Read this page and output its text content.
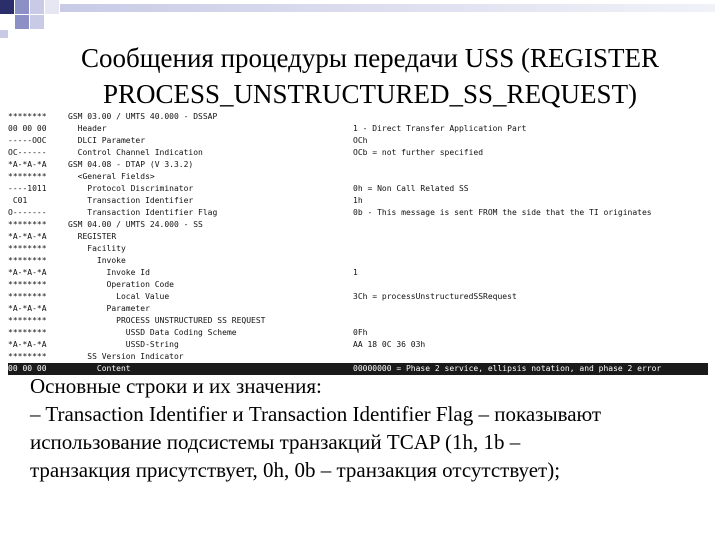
Сообщения процедуры передачи USS (REGISTER
PROCESS_UNSTRUCTURED_SS_REQUEST)
********	GSM 03.00 / UMTS 40.000 - DSSAP
00 00 00	Header	1 - Direct Transfer Application Part
-----OOC	DLCI Parameter	OCh
OC------	Control Channel Indication	OCb = not further specified
*A-*A-*A	GSM 04.08 - DTAP (V 3.3.2)
********	<General Fields>
----1011	Protocol Discriminator	0h = Non Call Related SS
C01	Transaction Identifier	1h
O-------	Transaction Identifier Flag	0b - This message is sent FROM the side that the TI originates
********	GSM 04.00 / UMTS 24.000 - SS
*A-*A-*A	REGISTER
********	Facility
********	Invoke
*A-*A-*A	Invoke Id	1
********	Operation Code
********	Local Value	3Ch = processUnstructuredSSRequest
*A-*A-*A	Parameter
********	PROCESS UNSTRUCTURED SS REQUEST
********	USSD Data Coding Scheme	0Fh
*A-*A-*A	USSD-String	AA 18 0C 36 03h
********	SS Version Indicator
00 00 00	Content	00000000 = Phase 2 service, ellipsis notation, and phase 2 error

Основные строки и их значения:

– Transaction Identifier и Transaction Identifier Flag – показывают

использование подсистемы транзакций TCAP (1h, 1b –

транзакция присутствует, 0h, 0b – транзакция отсутствует);
